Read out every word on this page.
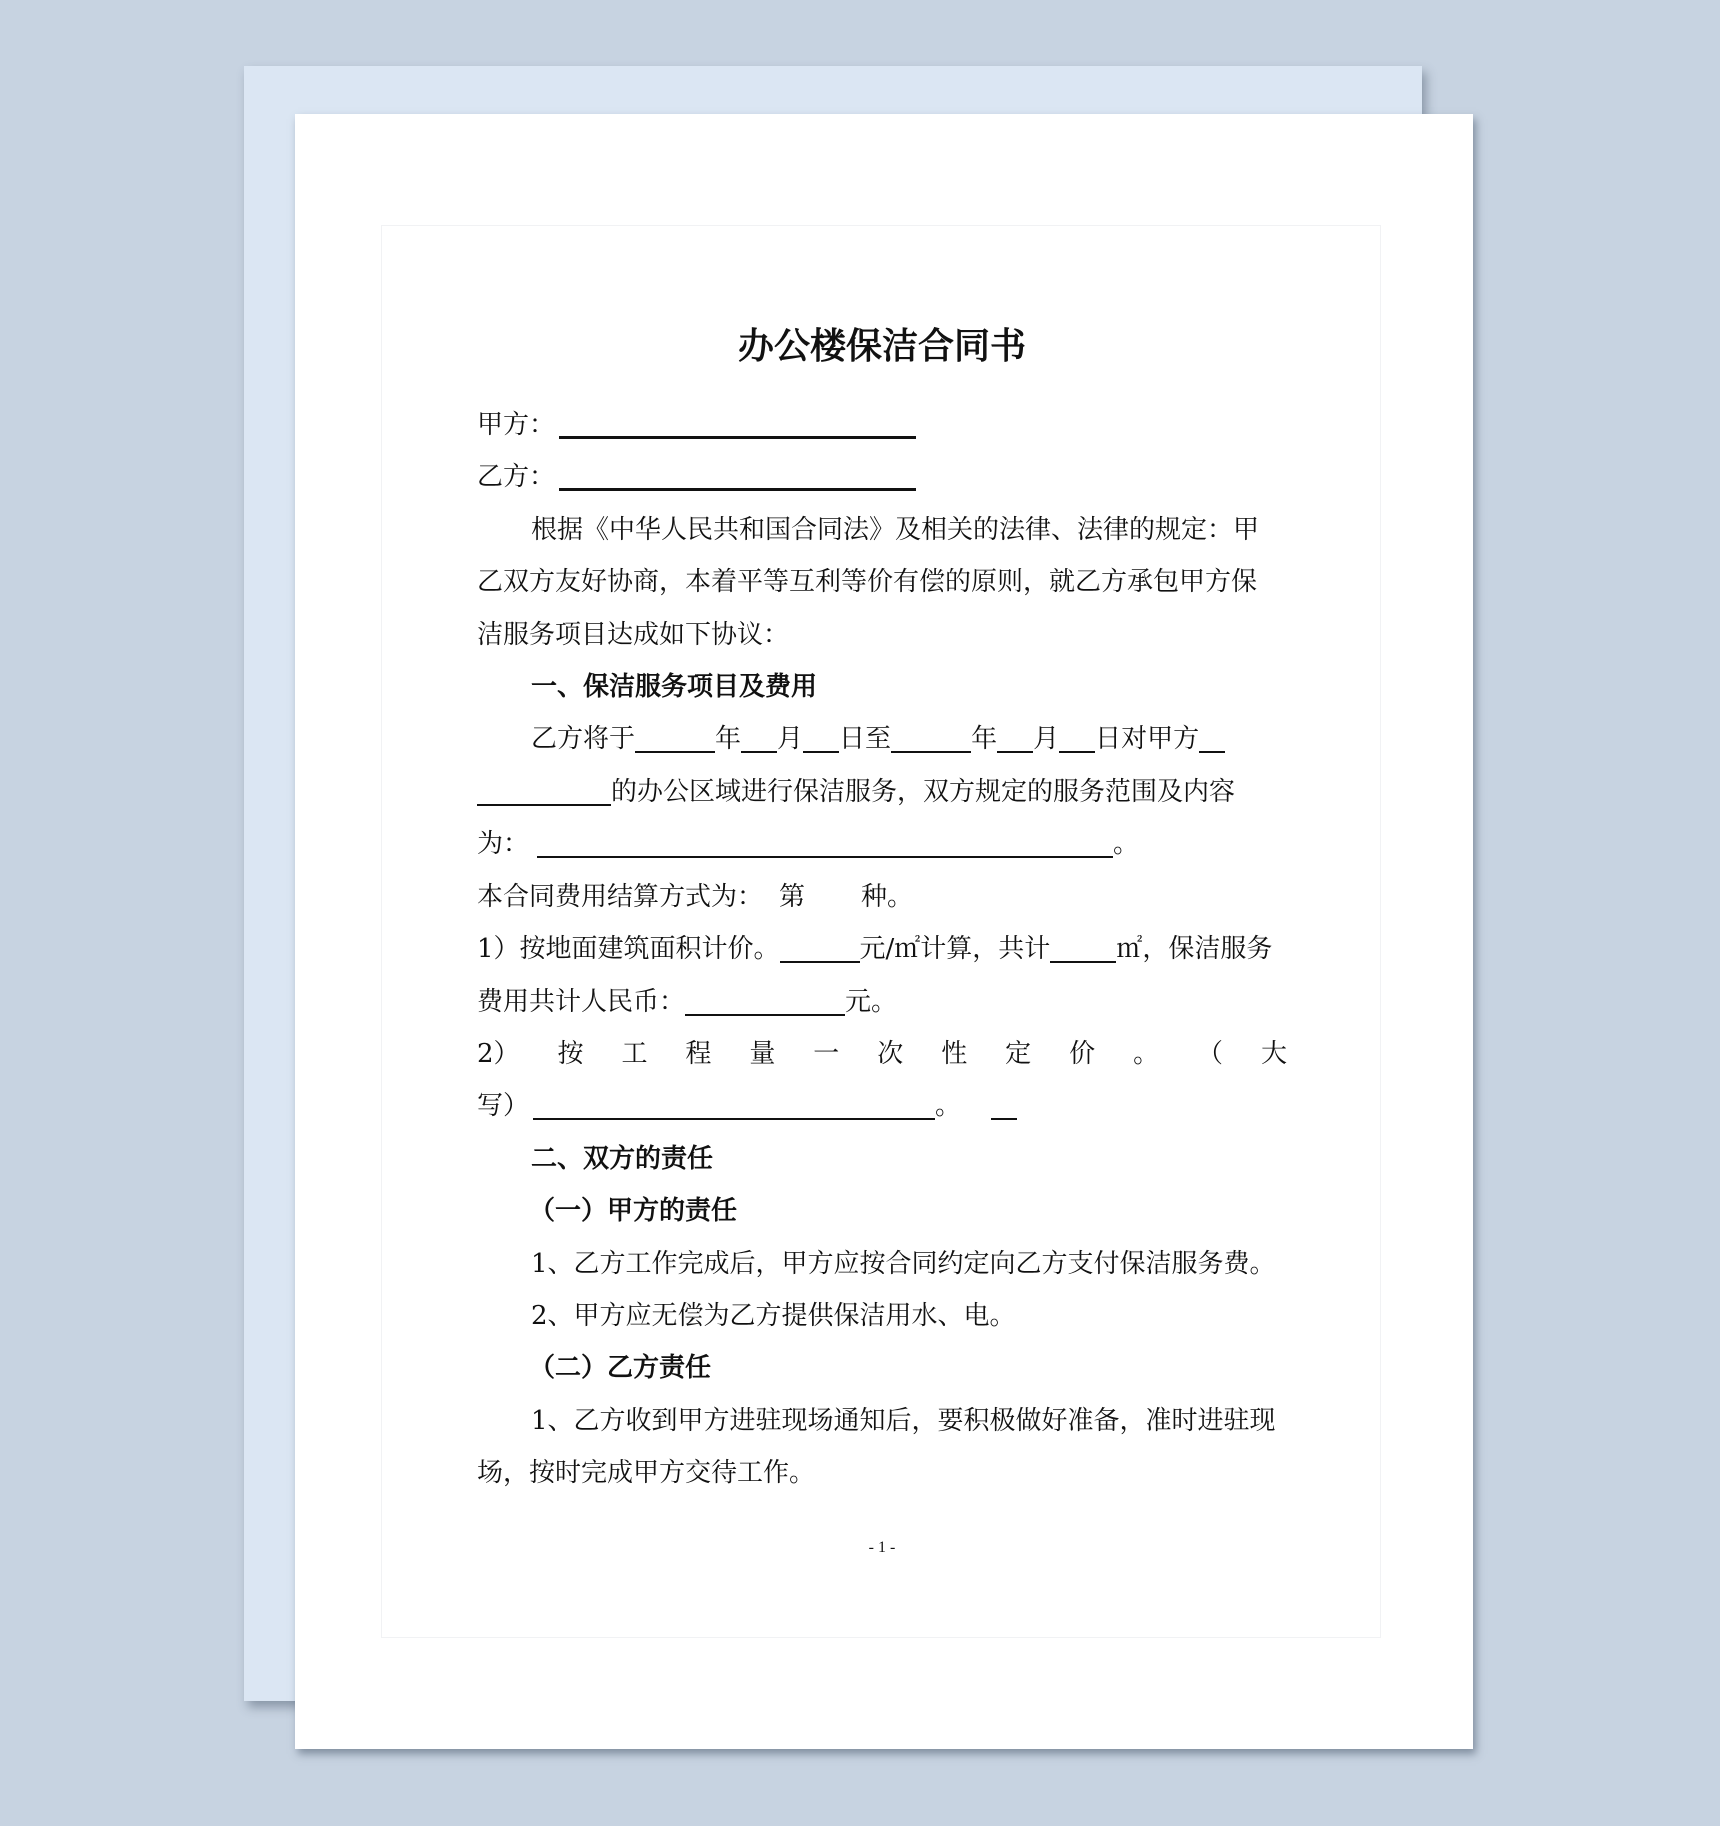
办公楼保洁合同书
甲方：
乙方：
根据《中华人民共和国合同法》及相关的法律、法律的规定：甲
乙双方友好协商，本着平等互利等价有偿的原则，就乙方承包甲方保
洁服务项目达成如下协议：
一、保洁服务项目及费用
乙方将于	年 月 日至	年 月 日对甲方
的办公区域进行保洁服务，双方规定的服务范围及内容
为：	。
本合同费用结算方式为： 第 种。
1）按地面建筑面积计价。	元/㎡计算，共计	㎡，保洁服务
费用共计人民币：	元。
2） 按 工 程 量 一 次 性 定 价 。 （ 大
写）	。
二、双方的责任
（一）甲方的责任
1、乙方工作完成后，甲方应按合同约定向乙方支付保洁服务费。
2、甲方应无偿为乙方提供保洁用水、电。
（二）乙方责任
1、乙方收到甲方进驻现场通知后，要积极做好准备，准时进驻现
场，按时完成甲方交待工作。
- 1 -
